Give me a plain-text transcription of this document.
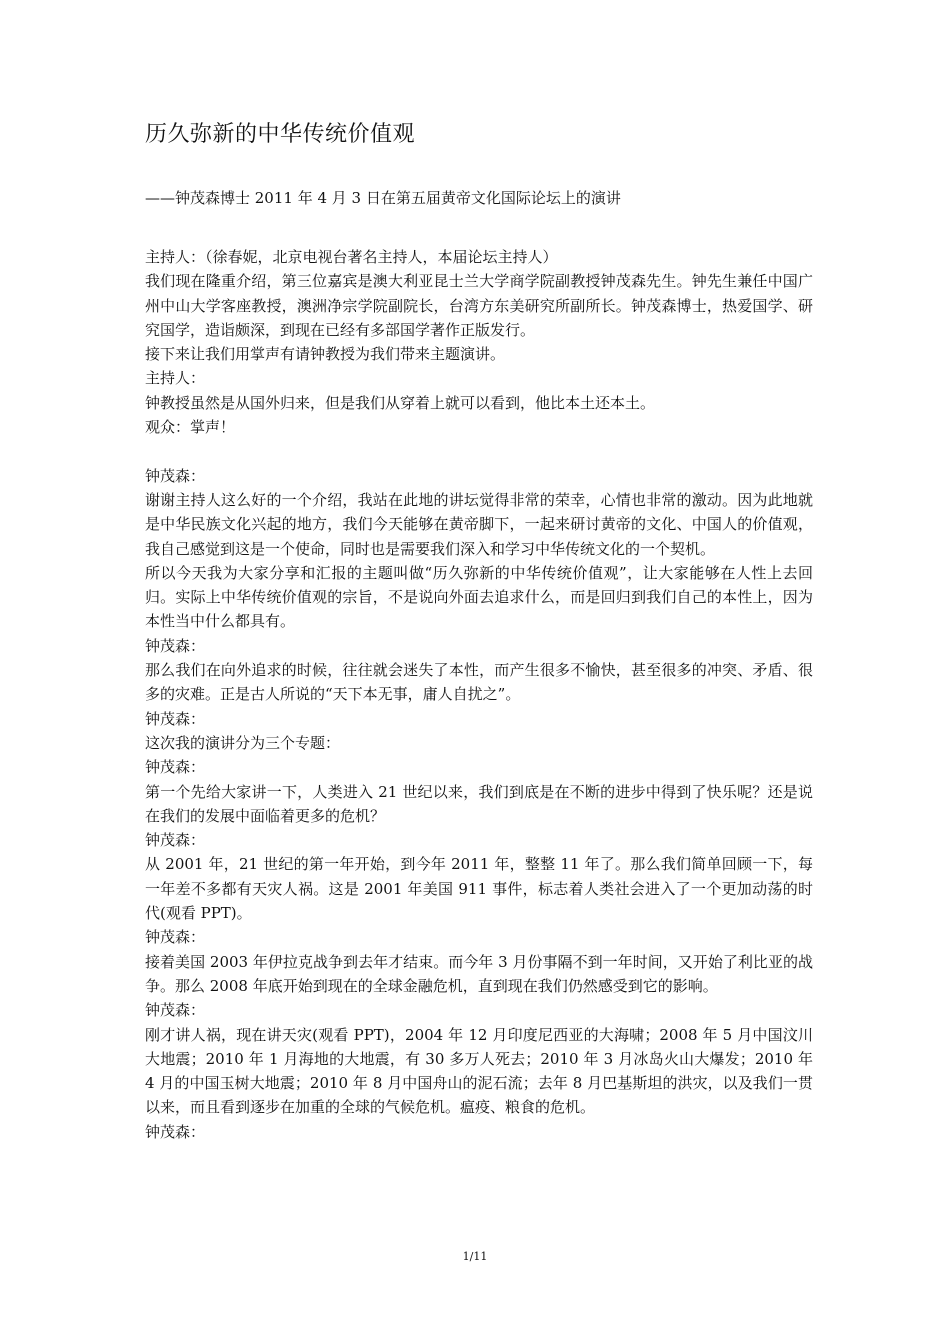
历久弥新的中华传统价值观
——钟茂森博士 2011 年 4 月 3 日在第五届黄帝文化国际论坛上的演讲

主持人：（徐春妮，北京电视台著名主持人，本届论坛主持人）

我们现在隆重介绍，第三位嘉宾是澳大利亚昆士兰大学商学院副教授钟茂森先生。钟先生兼任中国广州中山大学客座教授，澳洲净宗学院副院长，台湾方东美研究所副所长。钟茂森博士，热爱国学、研究国学，造诣颇深，到现在已经有多部国学著作正版发行。

接下来让我们用掌声有请钟教授为我们带来主题演讲。

主持人：

钟教授虽然是从国外归来，但是我们从穿着上就可以看到，他比本土还本土。

观众：掌声！

钟茂森：

谢谢主持人这么好的一个介绍，我站在此地的讲坛觉得非常的荣幸，心情也非常的激动。因为此地就是中华民族文化兴起的地方，我们今天能够在黄帝脚下，一起来研讨黄帝的文化、中国人的价值观，我自己感觉到这是一个使命，同时也是需要我们深入和学习中华传统文化的一个契机。

所以今天我为大家分享和汇报的主题叫做“历久弥新的中华传统价值观”，让大家能够在人性上去回归。实际上中华传统价值观的宗旨，不是说向外面去追求什么，而是回归到我们自己的本性上，因为本性当中什么都具有。

钟茂森：

那么我们在向外追求的时候，往往就会迷失了本性，而产生很多不愉快，甚至很多的冲突、矛盾、很多的灾难。正是古人所说的“天下本无事，庸人自扰之”。

钟茂森：

这次我的演讲分为三个专题：

钟茂森：

第一个先给大家讲一下，人类进入 21 世纪以来，我们到底是在不断的进步中得到了快乐呢？还是说在我们的发展中面临着更多的危机？

钟茂森：

从 2001 年，21 世纪的第一年开始，到今年 2011 年，整整 11 年了。那么我们简单回顾一下，每一年差不多都有天灾人祸。这是 2001 年美国 911 事件，标志着人类社会进入了一个更加动荡的时代(观看 PPT)。

钟茂森：

接着美国 2003 年伊拉克战争到去年才结束。而今年 3 月份事隔不到一年时间，又开始了利比亚的战争。那么 2008 年底开始到现在的全球金融危机，直到现在我们仍然感受到它的影响。

钟茂森：

刚才讲人祸，现在讲天灾(观看 PPT)，2004 年 12 月印度尼西亚的大海啸；2008 年 5 月中国汶川大地震；2010 年 1 月海地的大地震，有 30 多万人死去；2010 年 3 月冰岛火山大爆发；2010 年 4 月的中国玉树大地震；2010 年 8 月中国舟山的泥石流；去年 8 月巴基斯坦的洪灾，以及我们一贯以来，而且看到逐步在加重的全球的气候危机。瘟疫、粮食的危机。

钟茂森：

1/11
